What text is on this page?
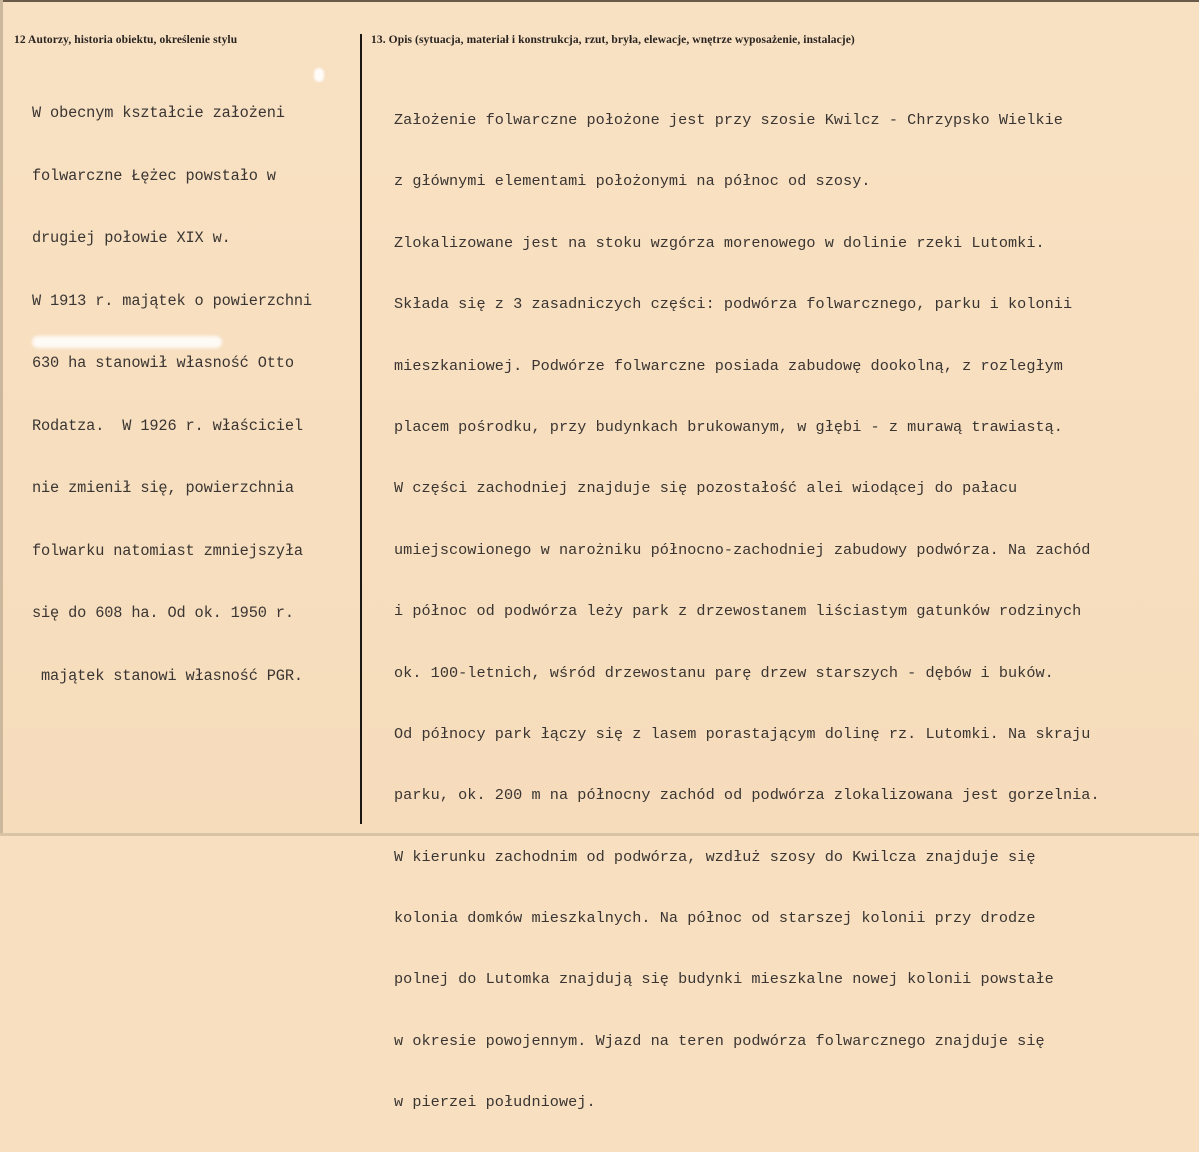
12 Autorzy, historia obiektu, określenie stylu	13. Opis (sytuacja, materiał i konstrukcja, rzut, bryła, elewacje, wnętrze wyposażenie, instalacje)

W obecnym kształcie założeni

folwarczne Łężec powstało w

drugiej połowie XIX w.

W 1913 r. majątek o powierzchni

630 ha stanowił własność Otto

Rodatza.  W 1926 r. właściciel

nie zmienił się, powierzchnia

folwarku natomiast zmniejszyła

się do 608 ha. Od ok. 1950 r.

majątek stanowi własność PGR.

Założenie folwarczne położone jest przy szosie Kwilcz - Chrzypsko Wielkie

z głównymi elementami położonymi na północ od szosy.

Zlokalizowane jest na stoku wzgórza morenowego w dolinie rzeki Lutomki.

Składa się z 3 zasadniczych części: podwórza folwarcznego, parku i kolonii

mieszkaniowej. Podwórze folwarczne posiada zabudowę dookolną, z rozległym

placem pośrodku, przy budynkach brukowanym, w głębi - z murawą trawiastą.

W części zachodniej znajduje się pozostałość alei wiodącej do pałacu

umiejscowionego w narożniku północno-zachodniej zabudowy podwórza. Na zachód

i północ od podwórza leży park z drzewostanem liściastym gatunków rodzinych

ok. 100-letnich, wśród drzewostanu parę drzew starszych - dębów i buków.

Od północy park łączy się z lasem porastającym dolinę rz. Lutomki. Na skraju

parku, ok. 200 m na północny zachód od podwórza zlokalizowana jest gorzelnia.

W kierunku zachodnim od podwórza, wzdłuż szosy do Kwilcza znajduje się

kolonia domków mieszkalnych. Na północ od starszej kolonii przy drodze

polnej do Lutomka znajdują się budynki mieszkalne nowej kolonii powstałe

w okresie powojennym. Wjazd na teren podwórza folwarcznego znajduje się

w pierzei południowej.
